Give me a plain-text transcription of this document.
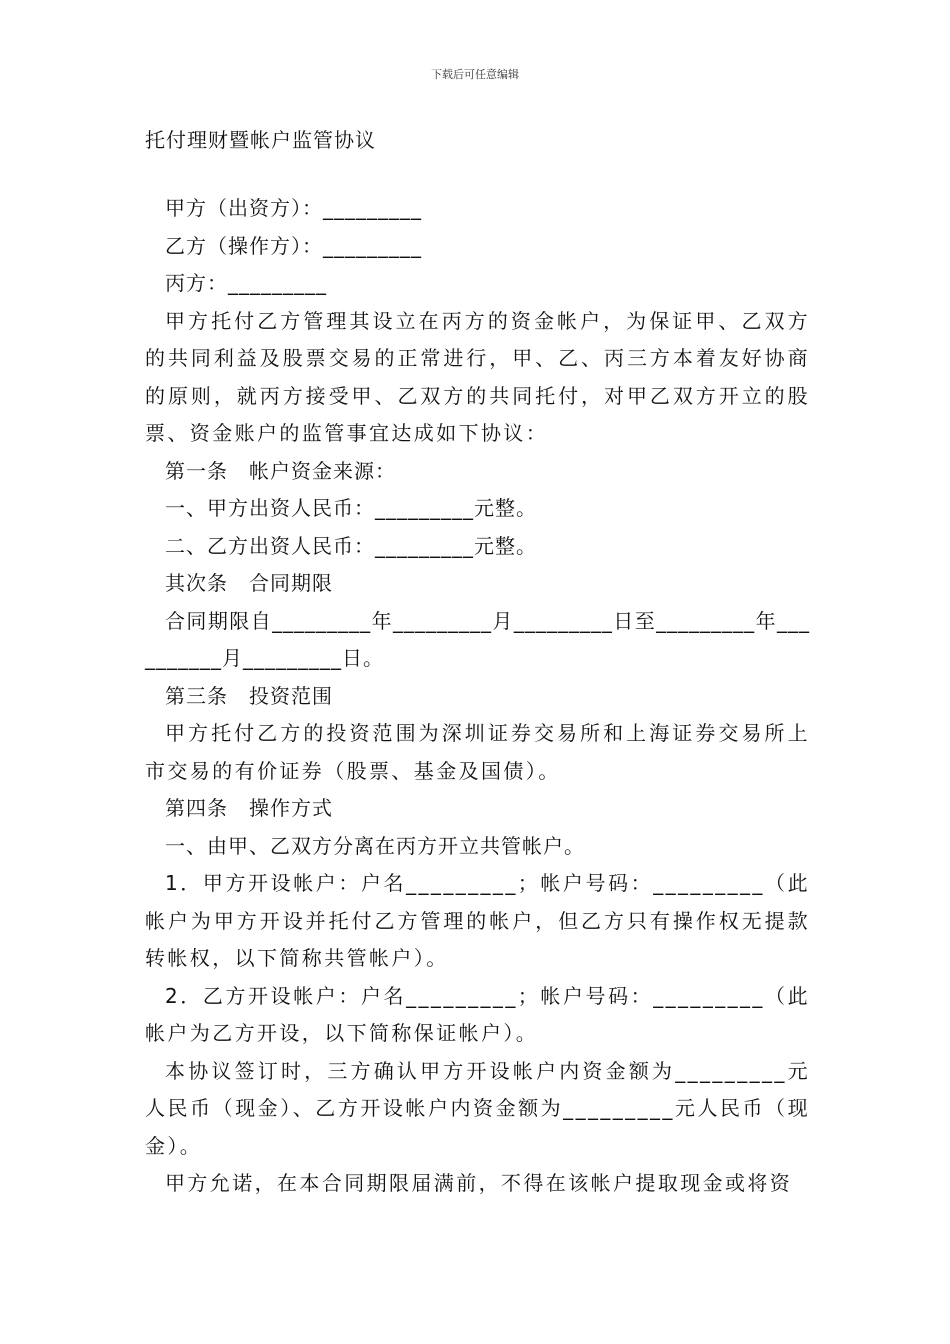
下载后可任意编辑
托付理财暨帐户监管协议

甲方（出资方）：_________

乙方（操作方）：_________

丙方：_________

甲方托付乙方管理其设立在丙方的资金帐户，为保证甲、乙双方的共同利益及股票交易的正常进行，甲、乙、丙三方本着友好协商的原则，就丙方接受甲、乙双方的共同托付，对甲乙双方开立的股票、资金账户的监管事宜达成如下协议：

第一条　帐户资金来源：

一、甲方出资人民币：_________元整。

二、乙方出资人民币：_________元整。

其次条　合同期限

合同期限自_________年_________月_________日至_________年__________月_________日。

第三条　投资范围

甲方托付乙方的投资范围为深圳证券交易所和上海证券交易所上市交易的有价证券（股票、基金及国债）。

第四条　操作方式

一、由甲、乙双方分离在丙方开立共管帐户。

1．甲方开设帐户：户名_________；帐户号码：_________（此帐户为甲方开设并托付乙方管理的帐户，但乙方只有操作权无提款转帐权，以下简称共管帐户）。

2．乙方开设帐户：户名_________；帐户号码：_________（此帐户为乙方开设，以下简称保证帐户）。

本协议签订时，三方确认甲方开设帐户内资金额为_________元人民币（现金）、乙方开设帐户内资金额为_________元人民币（现金）。

甲方允诺，在本合同期限届满前，不得在该帐户提取现金或将资
